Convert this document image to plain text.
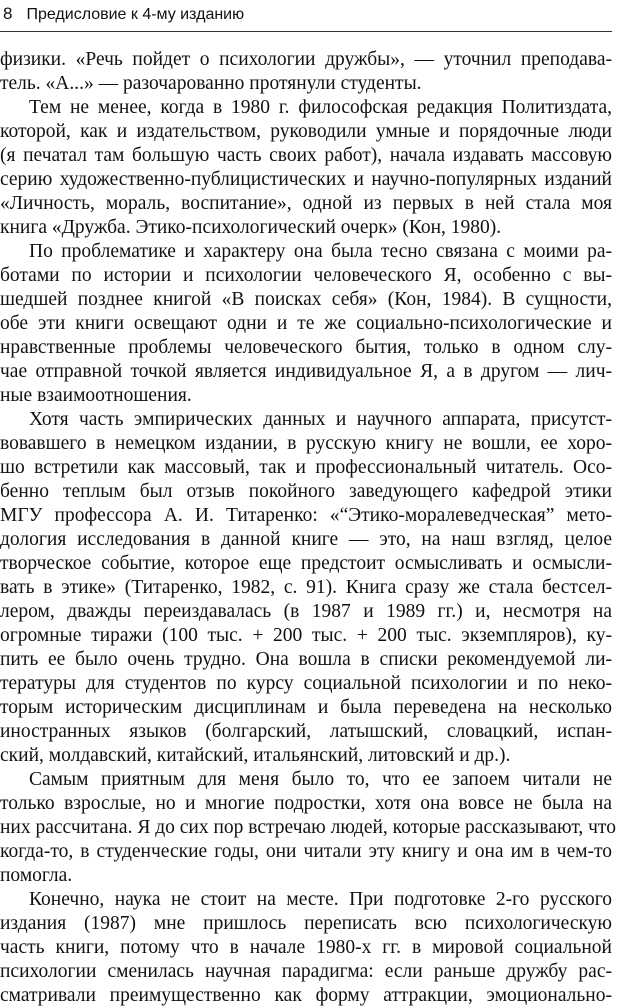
8 Предисловие к 4-му изданию
физики. «Речь пойдет о психологии дружбы», — уточнил преподава-
тель. «А...» — разочарованно протянули студенты.
Тем не менее, когда в 1980 г. философская редакция Политиздата,
которой, как и издательством, руководили умные и порядочные люди
(я печатал там большую часть своих работ), начала издавать массовую
серию художественно-публицистических и научно-популярных изданий
«Личность, мораль, воспитание», одной из первых в ней стала моя
книга «Дружба. Этико-психологический очерк» (Кон, 1980).
По проблематике и характеру она была тесно связана с моими ра-
ботами по истории и психологии человеческого Я, особенно с вы-
шедшей позднее книгой «В поисках себя» (Кон, 1984). В сущности,
обе эти книги освещают одни и те же социально-психологические и
нравственные проблемы человеческого бытия, только в одном слу-
чае отправной точкой является индивидуальное Я, а в другом — лич-
ные взаимоотношения.
Хотя часть эмпирических данных и научного аппарата, присутст-
вовавшего в немецком издании, в русскую книгу не вошли, ее хоро-
шо встретили как массовый, так и профессиональный читатель. Осо-
бенно теплым был отзыв покойного заведующего кафедрой этики
МГУ профессора А. И. Титаренко: «“Этико-моралеведческая” мето-
дология исследования в данной книге — это, на наш взгляд, целое
творческое событие, которое еще предстоит осмысливать и осмысли-
вать в этике» (Титаренко, 1982, с. 91). Книга сразу же стала бестсел-
лером, дважды переиздавалась (в 1987 и 1989 гг.) и, несмотря на
огромные тиражи (100 тыс. + 200 тыс. + 200 тыс. экземпляров), ку-
пить ее было очень трудно. Она вошла в списки рекомендуемой ли-
тературы для студентов по курсу социальной психологии и по неко-
торым историческим дисциплинам и была переведена на несколько
иностранных языков (болгарский, латышский, словацкий, испан-
ский, молдавский, китайский, итальянский, литовский и др.).
Самым приятным для меня было то, что ее запоем читали не
только взрослые, но и многие подростки, хотя она вовсе не была на
них рассчитана. Я до сих пор встречаю людей, которые рассказывают, что
когда-то, в студенческие годы, они читали эту книгу и она им в чем-то
помогла.
Конечно, наука не стоит на месте. При подготовке 2-го русского
издания (1987) мне пришлось переписать всю психологическую
часть книги, потому что в начале 1980-х гг. в мировой социальной
психологии сменилась научная парадигма: если раньше дружбу рас-
сматривали преимущественно как форму аттракции, эмоционально-
